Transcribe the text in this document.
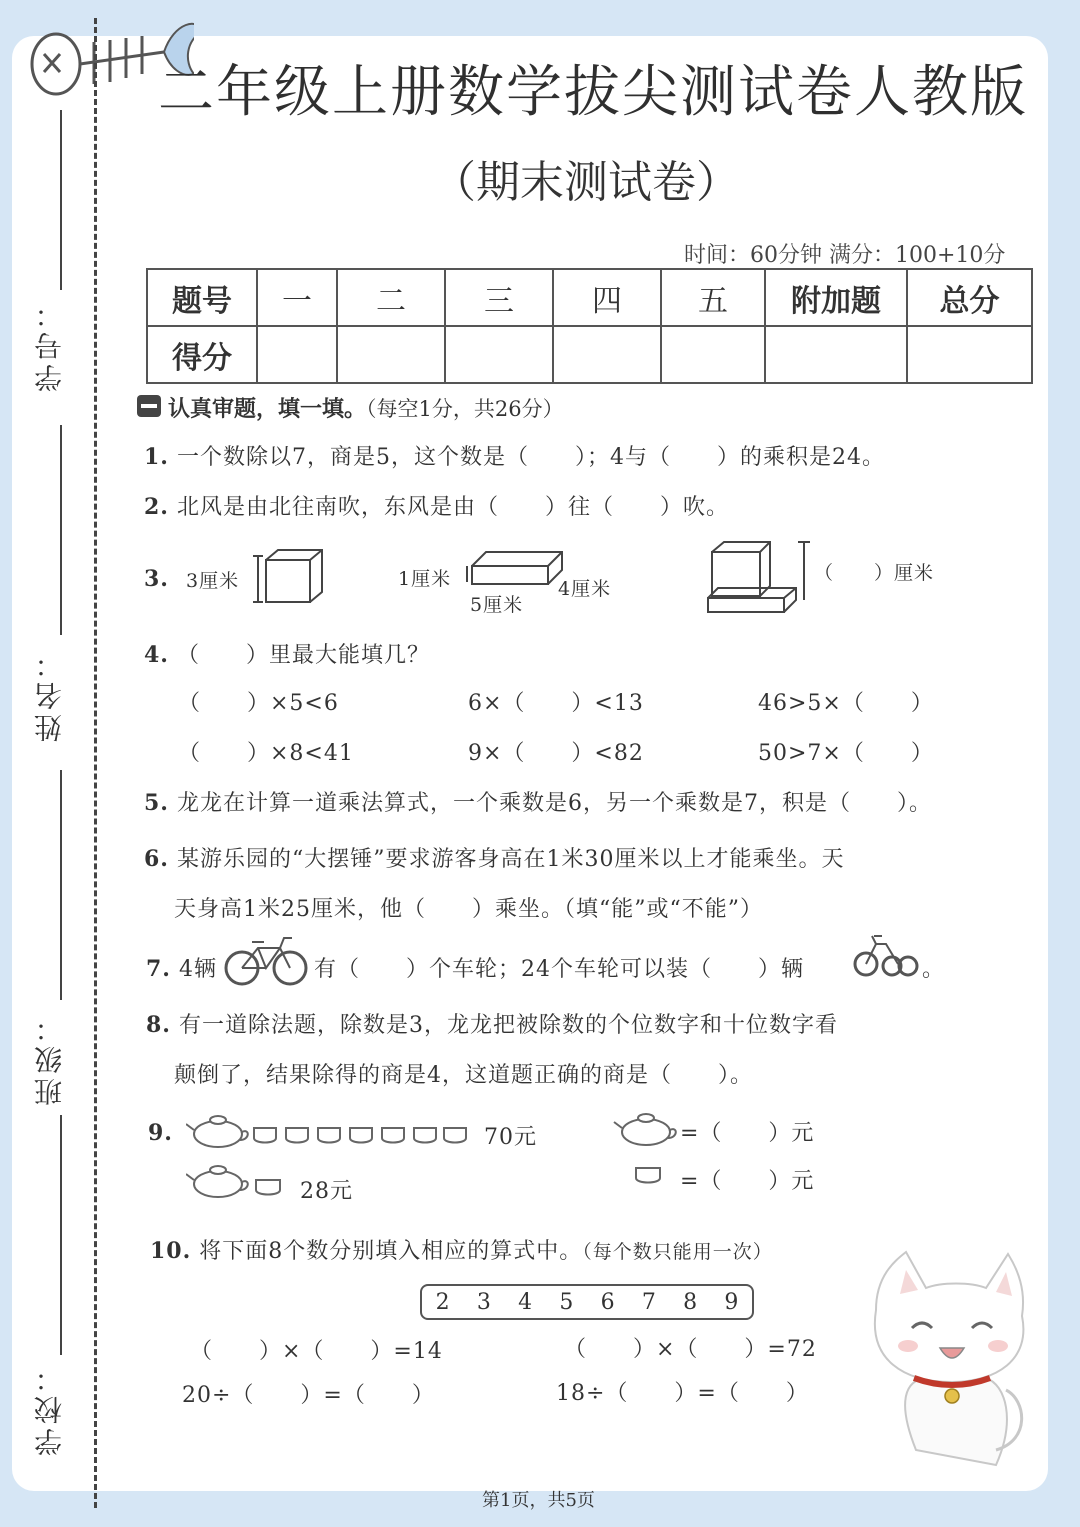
学号：
姓名：
班级：
学校：
二年级上册数学拔尖测试卷人教版
（期末测试卷）
时间：60分钟 满分：100+10分
题号	一	二	三	四	五	附加题	总分
得分							
认真审题，填一填。（每空1分，共26分）
1. 一个数除以7，商是5，这个数是（　　）；4与（　　）的乘积是24。
2. 北风是由北往南吹，东风是由（　　）往（　　）吹。
3. 3厘米	1厘米	4厘米
5厘米
（　　）厘米
4. （　　）里最大能填几？
（　　）×5<6	6×（　　）<13	46>5×（　　）
（　　）×8<41	9×（　　）<82	50>7×（　　）
5. 龙龙在计算一道乘法算式，一个乘数是6，另一个乘数是7，积是（　　）。
6. 某游乐园的“大摆锤”要求游客身高在1米30厘米以上才能乘坐。天
天身高1米25厘米，他（　　）乘坐。（填“能”或“不能”）
7. 4辆	有（　　）个车轮；24个车轮可以装（　　）辆	。
8. 有一道除法题，除数是3，龙龙把被除数的个位数字和十位数字看
颠倒了，结果除得的商是4，这道题正确的商是（　　）。
9.	70元	=（　　）元
28元	=（　　）元
10. 将下面8个数分别填入相应的算式中。（每个数只能用一次）
2 3 4 5 6 7 8 9
（　　）×（　　）=14	（　　）×（　　）=72
20÷（　　）=（　　）	18÷（　　）=（　　）
第1页，共5页
